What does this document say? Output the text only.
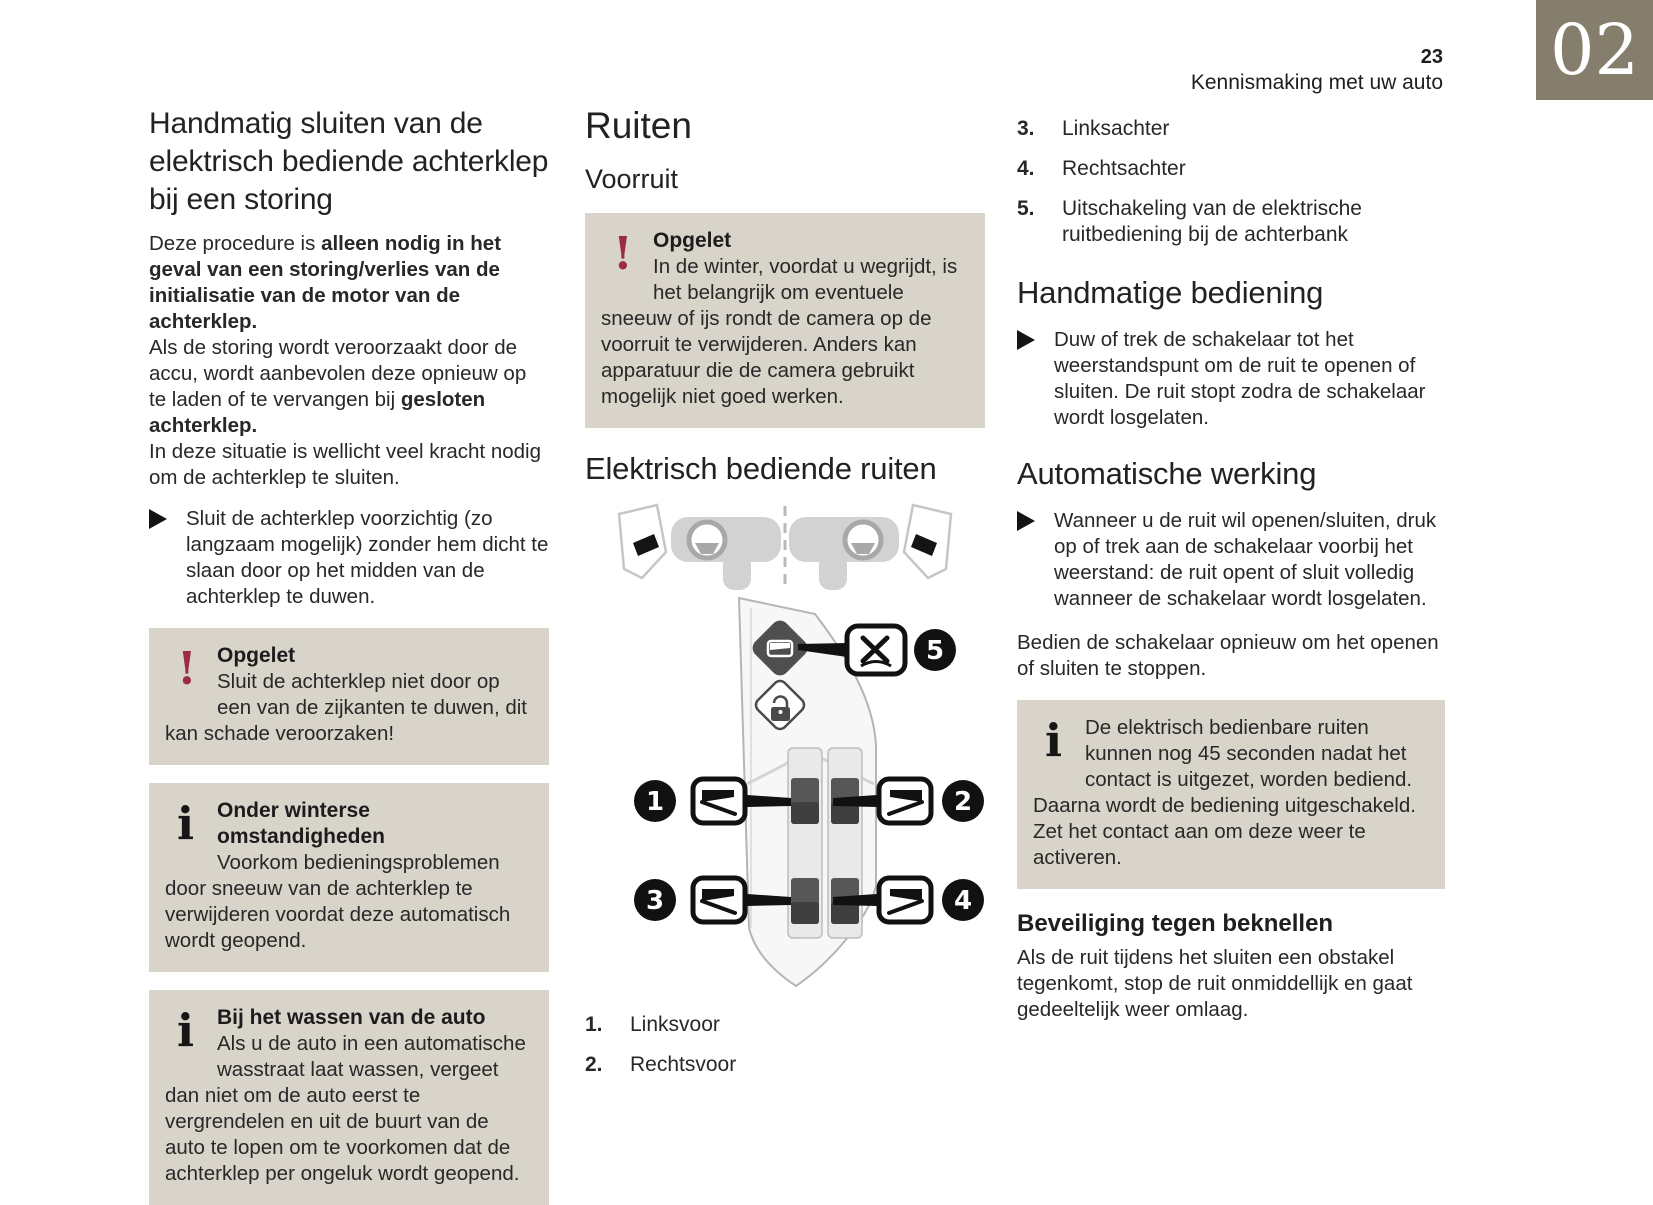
23
Kennismaking met uw auto 02
Handmatig sluiten van de elektrisch bediende achterklep bij een storing

Deze procedure is alleen nodig in het geval van een storing/verlies van de initialisatie van de motor van de achterklep.

Als de storing wordt veroorzaakt door de accu, wordt aanbevolen deze opnieuw op te laden of te vervangen bij gesloten achterklep.

In deze situatie is wellicht veel kracht nodig om de achterklep te sluiten.

Sluit de achterklep voorzichtig (zo langzaam mogelijk) zonder hem dicht te slaan door op het midden van de achterklep te duwen.
! Opgelet

Sluit de achterklep niet door op een van de zijkanten te duwen, dit kan schade veroorzaken!

i	Onder winterse omstandigheden

Voorkom bedieningsproblemen door sneeuw van de achterklep te verwijderen voordat deze automatisch wordt geopend.

i	Bij het wassen van de auto

Als u de auto in een automatische wasstraat laat wassen, vergeet dan niet om de auto eerst te vergrendelen en uit de buurt van de auto te lopen om te voorkomen dat de achterklep per ongeluk wordt geopend.

Ruiten
Voorruit
! Opgelet

In de winter, voordat u wegrijdt, is het belangrijk om eventuele sneeuw of ijs rondt de camera op de voorruit te verwijderen. Anders kan apparatuur die de camera gebruikt mogelijk niet goed werken.

Elektrisch bediende ruiten
5
1	2
3	4
1.	Linksvoor
2.	Rechtsvoor
3.	Linksachter
4.	Rechtsachter
5.	Uitschakeling van de elektrische ruitbediening bij de achterbank
Handmatige bediening
Duw of trek de schakelaar tot het weerstandspunt om de ruit te openen of sluiten. De ruit stopt zodra de schakelaar wordt losgelaten.
Automatische werking
Wanneer u de ruit wil openen/sluiten, druk op of trek aan de schakelaar voorbij het weerstand: de ruit opent of sluit volledig wanneer de schakelaar wordt losgelaten.

Bedien de schakelaar opnieuw om het openen of sluiten te stoppen.

i	De elektrisch bedienbare ruiten kunnen nog 45 seconden nadat het contact is uitgezet, worden bediend. Daarna wordt de bediening uitgeschakeld. Zet het contact aan om deze weer te activeren.

Beveiliging tegen beknellen

Als de ruit tijdens het sluiten een obstakel tegenkomt, stop de ruit onmiddellijk en gaat gedeeltelijk weer omlaag.
